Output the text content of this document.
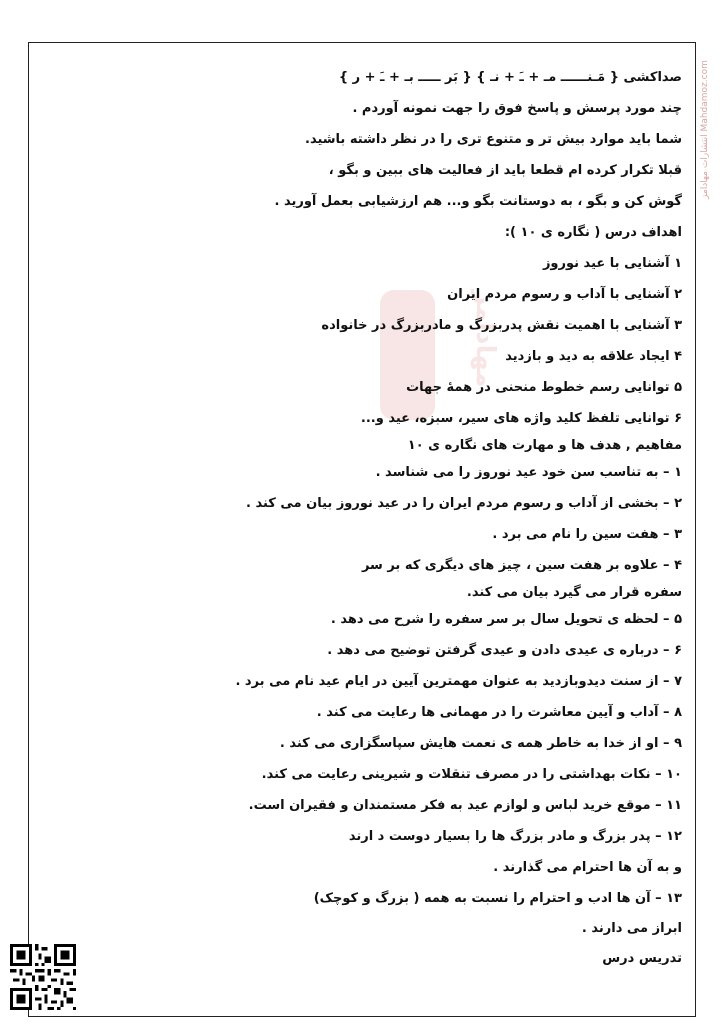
انتشارات مهادامز Mahdamoz.com
مهادامز
صداکشی { مَـنــــــ مـ + ـَ + نـ } { بَر ـــــ بـ + ـَ + ر }
چند مورد پرسش و پاسخ فوق را جهت نمونه آوردم .
شما باید موارد بیش تر و متنوع تری را در نظر داشته باشید.
قبلا تکرار کرده ام قطعا باید از فعالیت های ببین و بگو ،
گوش کن و بگو ، به دوستانت بگو و... هم ارزشیابی بعمل آورید .
اهداف درس ( نگاره ی ۱۰ ):
۱ آشنایی با عید نوروز
۲ آشنایی با آداب و رسوم مردم ایران
۳ آشنایی با اهمیت نقش پدربزرگ و مادربزرگ در خانواده
۴ ایجاد علاقه به دید و بازدید
۵ توانایی رسم خطوط منحنی در همهٔ جهات
۶ توانایی تلفظ کلید واژه های سیر، سبزه، عید و...
مفاهیم , هدف ها و مهارت های نگاره ی ۱۰
۱ – به تناسب سن خود عید نوروز را می شناسد .
۲ – بخشی از آداب و رسوم مردم ایران را در عید نوروز بیان می کند .
۳ – هفت سین را نام می برد .
۴ – علاوه بر هفت سین ، چیز های دیگری که بر سر
سفره قرار می گیرد بیان می کند.
۵ – لحظه ی تحویل سال بر سر سفره را شرح می دهد .
۶ – درباره ی عیدی دادن و عیدی گرفتن توضیح می دهد .
۷ – از سنت دیدوبازدید به عنوان مهمترین آیین در ایام عید نام می برد .
۸ – آداب و آیین معاشرت را در مهمانی ها رعایت می کند .
۹ – او از خدا به خاطر همه ی نعمت هایش سپاسگزاری می کند .
۱۰ – نکات بهداشتی را در مصرف تنقلات و شیرینی رعایت می کند.
۱۱ – موقع خرید لباس و لوازم عید به فکر مستمندان و فقیران است.
۱۲ – پدر بزرگ و مادر بزرگ ها را بسیار دوست د ارند
و به آن ها احترام می گذارند .
۱۳ – آن ها ادب و احترام را نسبت به همه ( بزرگ و کوچک)
ابراز می دارند .
تدریس درس
